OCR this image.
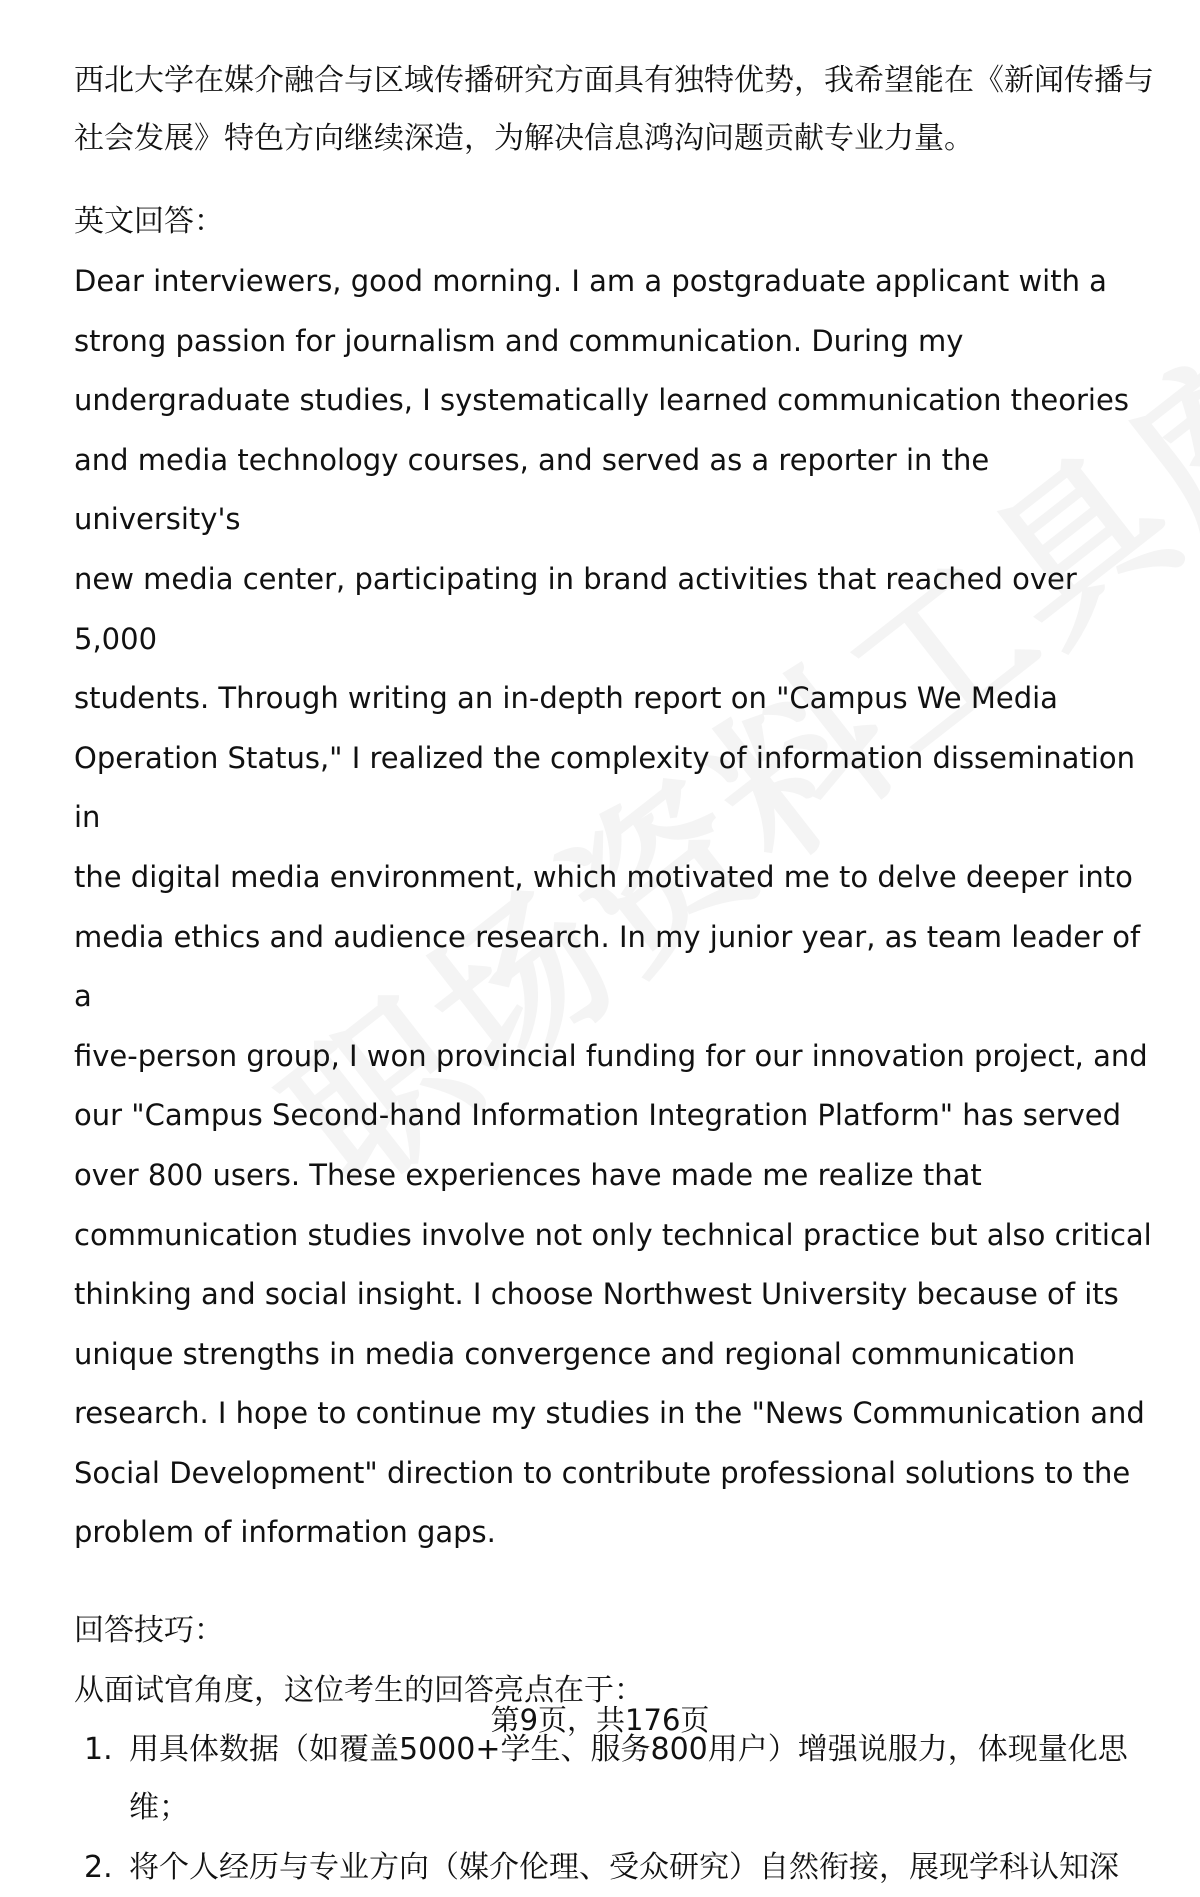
西北大学在媒介融合与区域传播研究方面具有独特优势，我希望能在《新闻传播与

社会发展》特色方向继续深造，为解决信息鸿沟问题贡献专业力量。

英文回答：

Dear interviewers, good morning. I am a postgraduate applicant with a

strong passion for journalism and communication. During my

undergraduate studies, I systematically learned communication theories

and media technology courses, and served as a reporter in the university's

new media center, participating in brand activities that reached over 5,000

students. Through writing an in-depth report on "Campus We Media

Operation Status," I realized the complexity of information dissemination in

the digital media environment, which motivated me to delve deeper into

media ethics and audience research. In my junior year, as team leader of a

five-person group, I won provincial funding for our innovation project, and

our "Campus Second-hand Information Integration Platform" has served

over 800 users. These experiences have made me realize that

communication studies involve not only technical practice but also critical

thinking and social insight. I choose Northwest University because of its

unique strengths in media convergence and regional communication

research. I hope to continue my studies in the "News Communication and

Social Development" direction to contribute professional solutions to the

problem of information gaps.

回答技巧：

从面试官角度，这位考生的回答亮点在于：

1. 用具体数据（如覆盖5000+学生、服务800用户）增强说服力，体现量化思
维；
2. 将个人经历与专业方向（媒介伦理、受众研究）自然衔接，展现学科认知深
第9页，共176页
